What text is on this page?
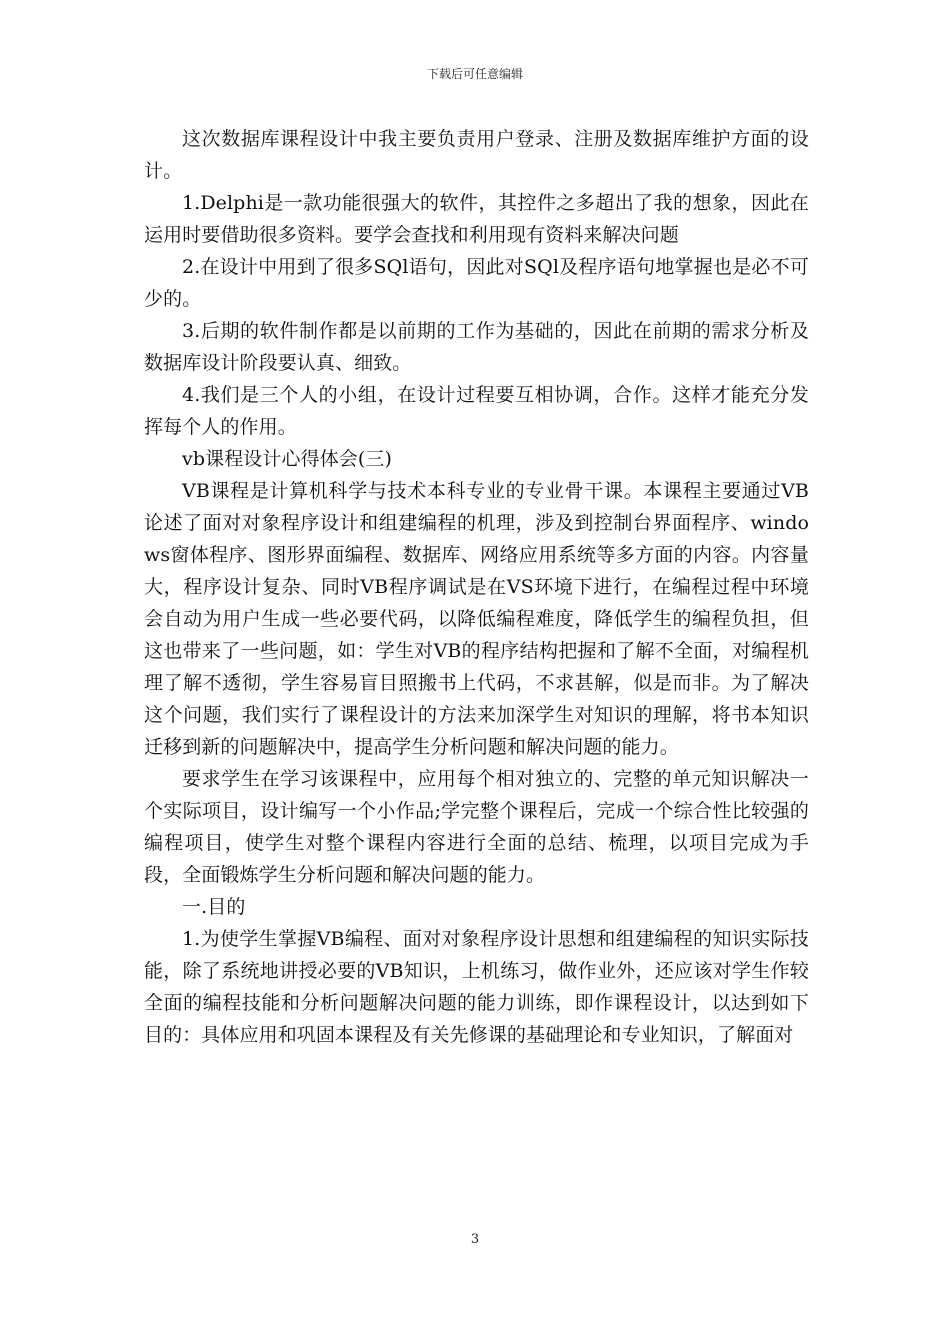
下载后可任意编辑

这次数据库课程设计中我主要负责用户登录、注册及数据库维护方面的设计。

1.Delphi是一款功能很强大的软件，其控件之多超出了我的想象，因此在运用时要借助很多资料。要学会查找和利用现有资料来解决问题

2.在设计中用到了很多SQl语句，因此对SQl及程序语句地掌握也是必不可少的。

3.后期的软件制作都是以前期的工作为基础的，因此在前期的需求分析及数据库设计阶段要认真、细致。

4.我们是三个人的小组，在设计过程要互相协调，合作。这样才能充分发挥每个人的作用。

vb课程设计心得体会(三)

VB课程是计算机科学与技术本科专业的专业骨干课。本课程主要通过VB论述了面对对象程序设计和组建编程的机理，涉及到控制台界面程序、windows窗体程序、图形界面编程、数据库、网络应用系统等多方面的内容。内容量大，程序设计复杂、同时VB程序调试是在VS环境下进行，在编程过程中环境会自动为用户生成一些必要代码，以降低编程难度，降低学生的编程负担，但这也带来了一些问题，如：学生对VB的程序结构把握和了解不全面，对编程机理了解不透彻，学生容易盲目照搬书上代码，不求甚解，似是而非。为了解决这个问题，我们实行了课程设计的方法来加深学生对知识的理解，将书本知识迁移到新的问题解决中，提高学生分析问题和解决问题的能力。

要求学生在学习该课程中，应用每个相对独立的、完整的单元知识解决一个实际项目，设计编写一个小作品;学完整个课程后，完成一个综合性比较强的编程项目，使学生对整个课程内容进行全面的总结、梳理，以项目完成为手段，全面锻炼学生分析问题和解决问题的能力。

一.目的

1.为使学生掌握VB编程、面对对象程序设计思想和组建编程的知识实际技能，除了系统地讲授必要的VB知识，上机练习，做作业外，还应该对学生作较全面的编程技能和分析问题解决问题的能力训练，即作课程设计，以达到如下目的：具体应用和巩固本课程及有关先修课的基础理论和专业知识，了解面对

3
